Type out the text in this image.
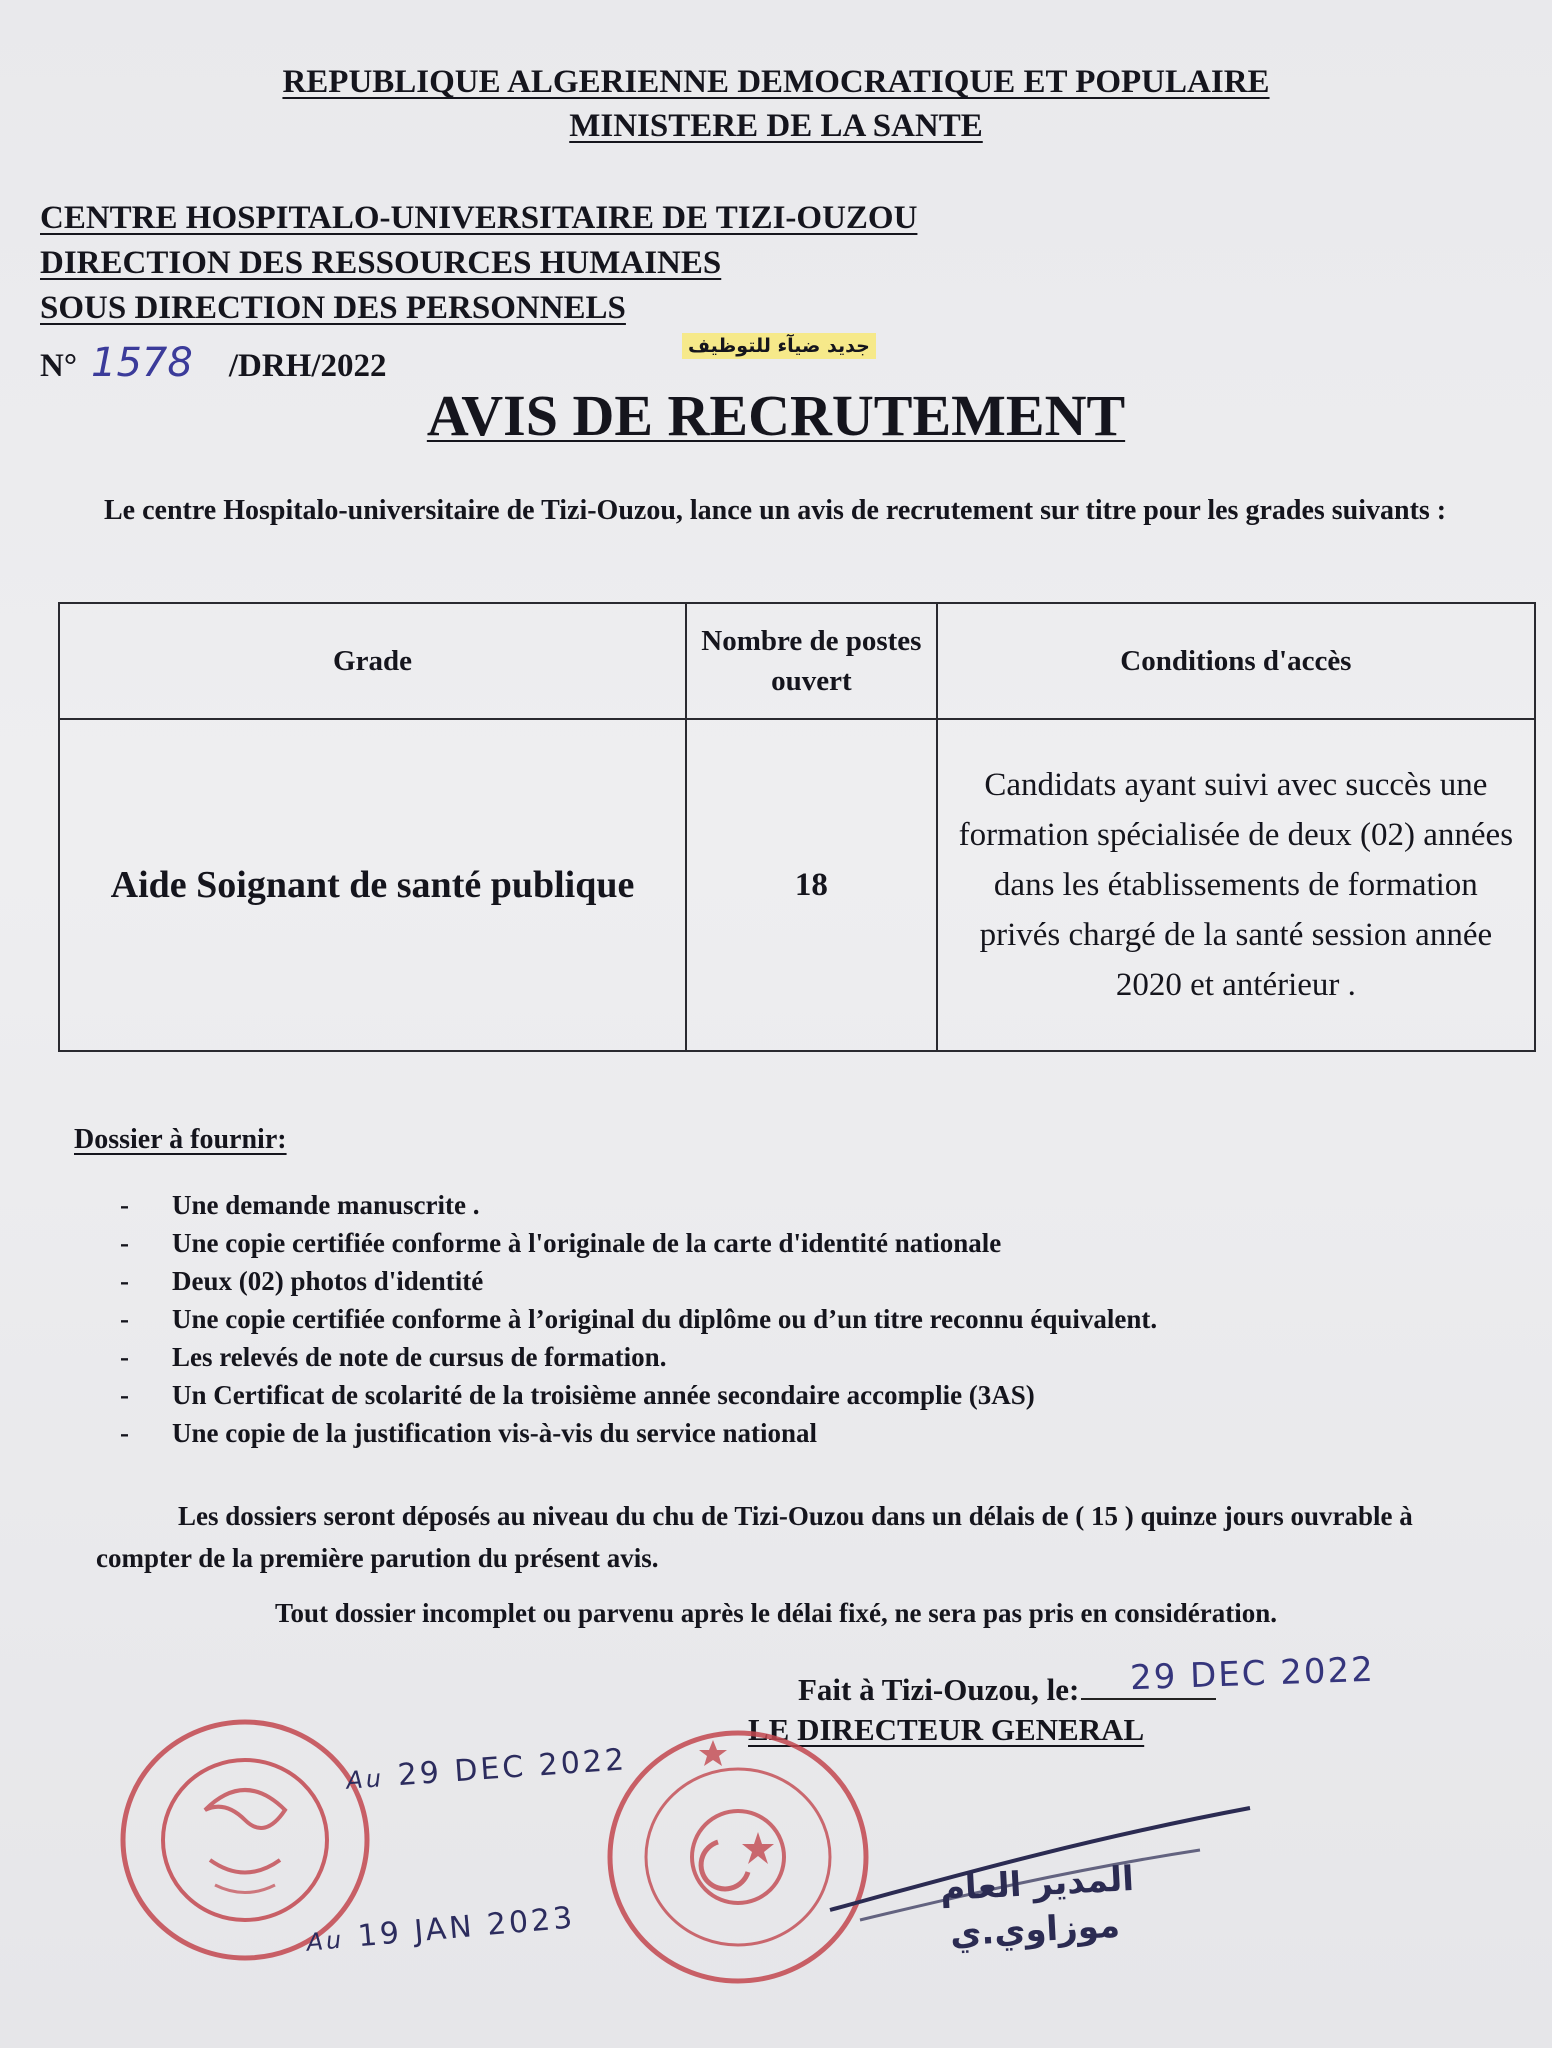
REPUBLIQUE ALGERIENNE DEMOCRATIQUE ET POPULAIRE
MINISTERE DE LA SANTE
CENTRE HOSPITALO-UNIVERSITAIRE DE TIZI-OUZOU
DIRECTION DES RESSOURCES HUMAINES
SOUS DIRECTION DES PERSONNELS
N° 1578 /DRH/2022
جديد ضيآء للتوظيف
AVIS DE RECRUTEMENT
Le centre Hospitalo-universitaire de Tizi-Ouzou, lance un avis de recrutement sur titre pour les grades suivants :
Grade	Nombre de postes ouvert	Conditions d'accès
Aide Soignant de santé publique	18	Candidats ayant suivi avec succès une formation spécialisée de deux (02) années dans les établissements de formation privés chargé de la santé session année 2020 et antérieur .
Dossier à fournir:
- Une demande manuscrite .
- Une copie certifiée conforme à l'originale de la carte d'identité nationale
- Deux (02) photos d'identité
- Une copie certifiée conforme à l’original du diplôme ou d’un titre reconnu équivalent.
- Les relevés de note de cursus de formation.
- Un Certificat de scolarité de la troisième année secondaire accomplie (3AS)
- Une copie de la justification vis-à-vis du service national
Les dossiers seront déposés au niveau du chu de Tizi-Ouzou dans un délais de ( 15 ) quinze jours ouvrable à compter de la première parution du présent avis.
Tout dossier incomplet ou parvenu après le délai fixé, ne sera pas pris en considération.
Fait à Tizi-Ouzou, le:	29 DEC 2022
LE DIRECTEUR GENERAL
Au 29 DEC 2022
Au 19 JAN 2023
المدير العام
موزاوي.ي
